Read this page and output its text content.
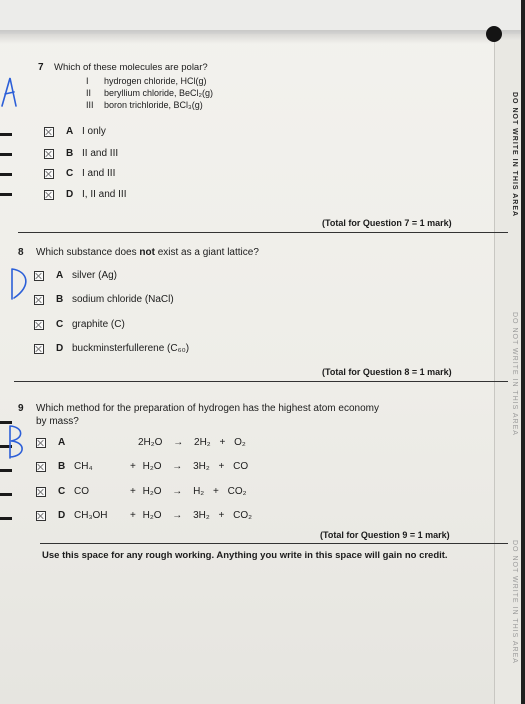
DO NOT WRITE IN THIS AREA
DO NOT WRITE IN THIS AREA
DO NOT WRITE IN THIS AREA
7 Which of these molecules are polar?
I	hydrogen chloride, HCl(g)
II	beryllium chloride, BeCl₂(g)
III	boron trichloride, BCl₃(g)
A I only
B II and III
C I and III
D I, II and III
(Total for Question 7 = 1 mark)
8 Which substance does not exist as a giant lattice?
A silver (Ag)
B sodium chloride (NaCl)
C graphite (C)
D buckminsterfullerene (C₆₀)
(Total for Question 8 = 1 mark)
9 Which method for the preparation of hydrogen has the highest atom economy
by mass?
A	2H₂O → 2H₂ + O₂
B CH₄	+ H₂O → 3H₂ + CO
C CO	+ H₂O → H₂ + CO₂
D CH₃OH + H₂O → 3H₂ + CO₂
(Total for Question 9 = 1 mark)
Use this space for any rough working. Anything you write in this space will gain no credit.
